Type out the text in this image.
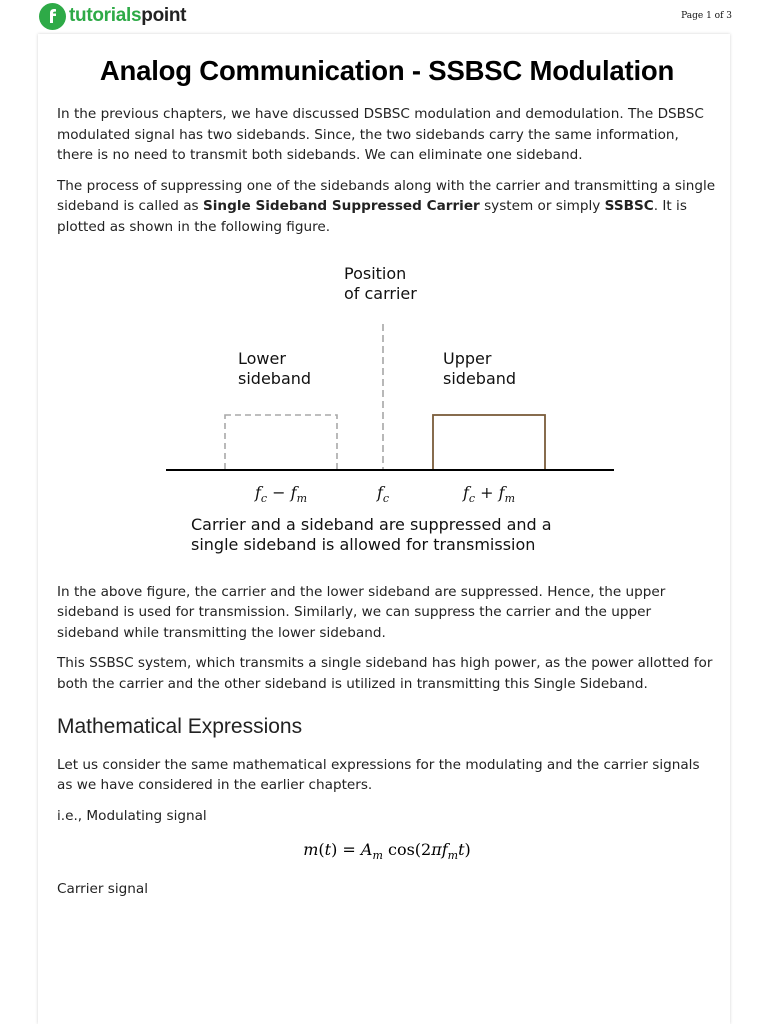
tutorialspoint	Page 1 of 3
Analog Communication - SSBSC Modulation

In the previous chapters, we have discussed DSBSC modulation and demodulation. The DSBSC modulated signal has two sidebands. Since, the two sidebands carry the same information, there is no need to transmit both sidebands. We can eliminate one sideband.

The process of suppressing one of the sidebands along with the carrier and transmitting a single sideband is called as Single Sideband Suppressed Carrier system or simply SSBSC. It is plotted as shown in the following figure.

Position
of carrier
Lower
sideband
Upper
sideband
$f_c - f_m$	$f_c$	$f_c + f_m$
Carrier and a sideband are suppressed and a
single sideband is allowed for transmission

In the above figure, the carrier and the lower sideband are suppressed. Hence, the upper sideband is used for transmission. Similarly, we can suppress the carrier and the upper sideband while transmitting the lower sideband.

This SSBSC system, which transmits a single sideband has high power, as the power allotted for both the carrier and the other sideband is utilized in transmitting this Single Sideband.

Mathematical Expressions

Let us consider the same mathematical expressions for the modulating and the carrier signals as we have considered in the earlier chapters.

i.e., Modulating signal

$m(t) = A_m$ $\cos(2\pi f_mt)$

Carrier signal
